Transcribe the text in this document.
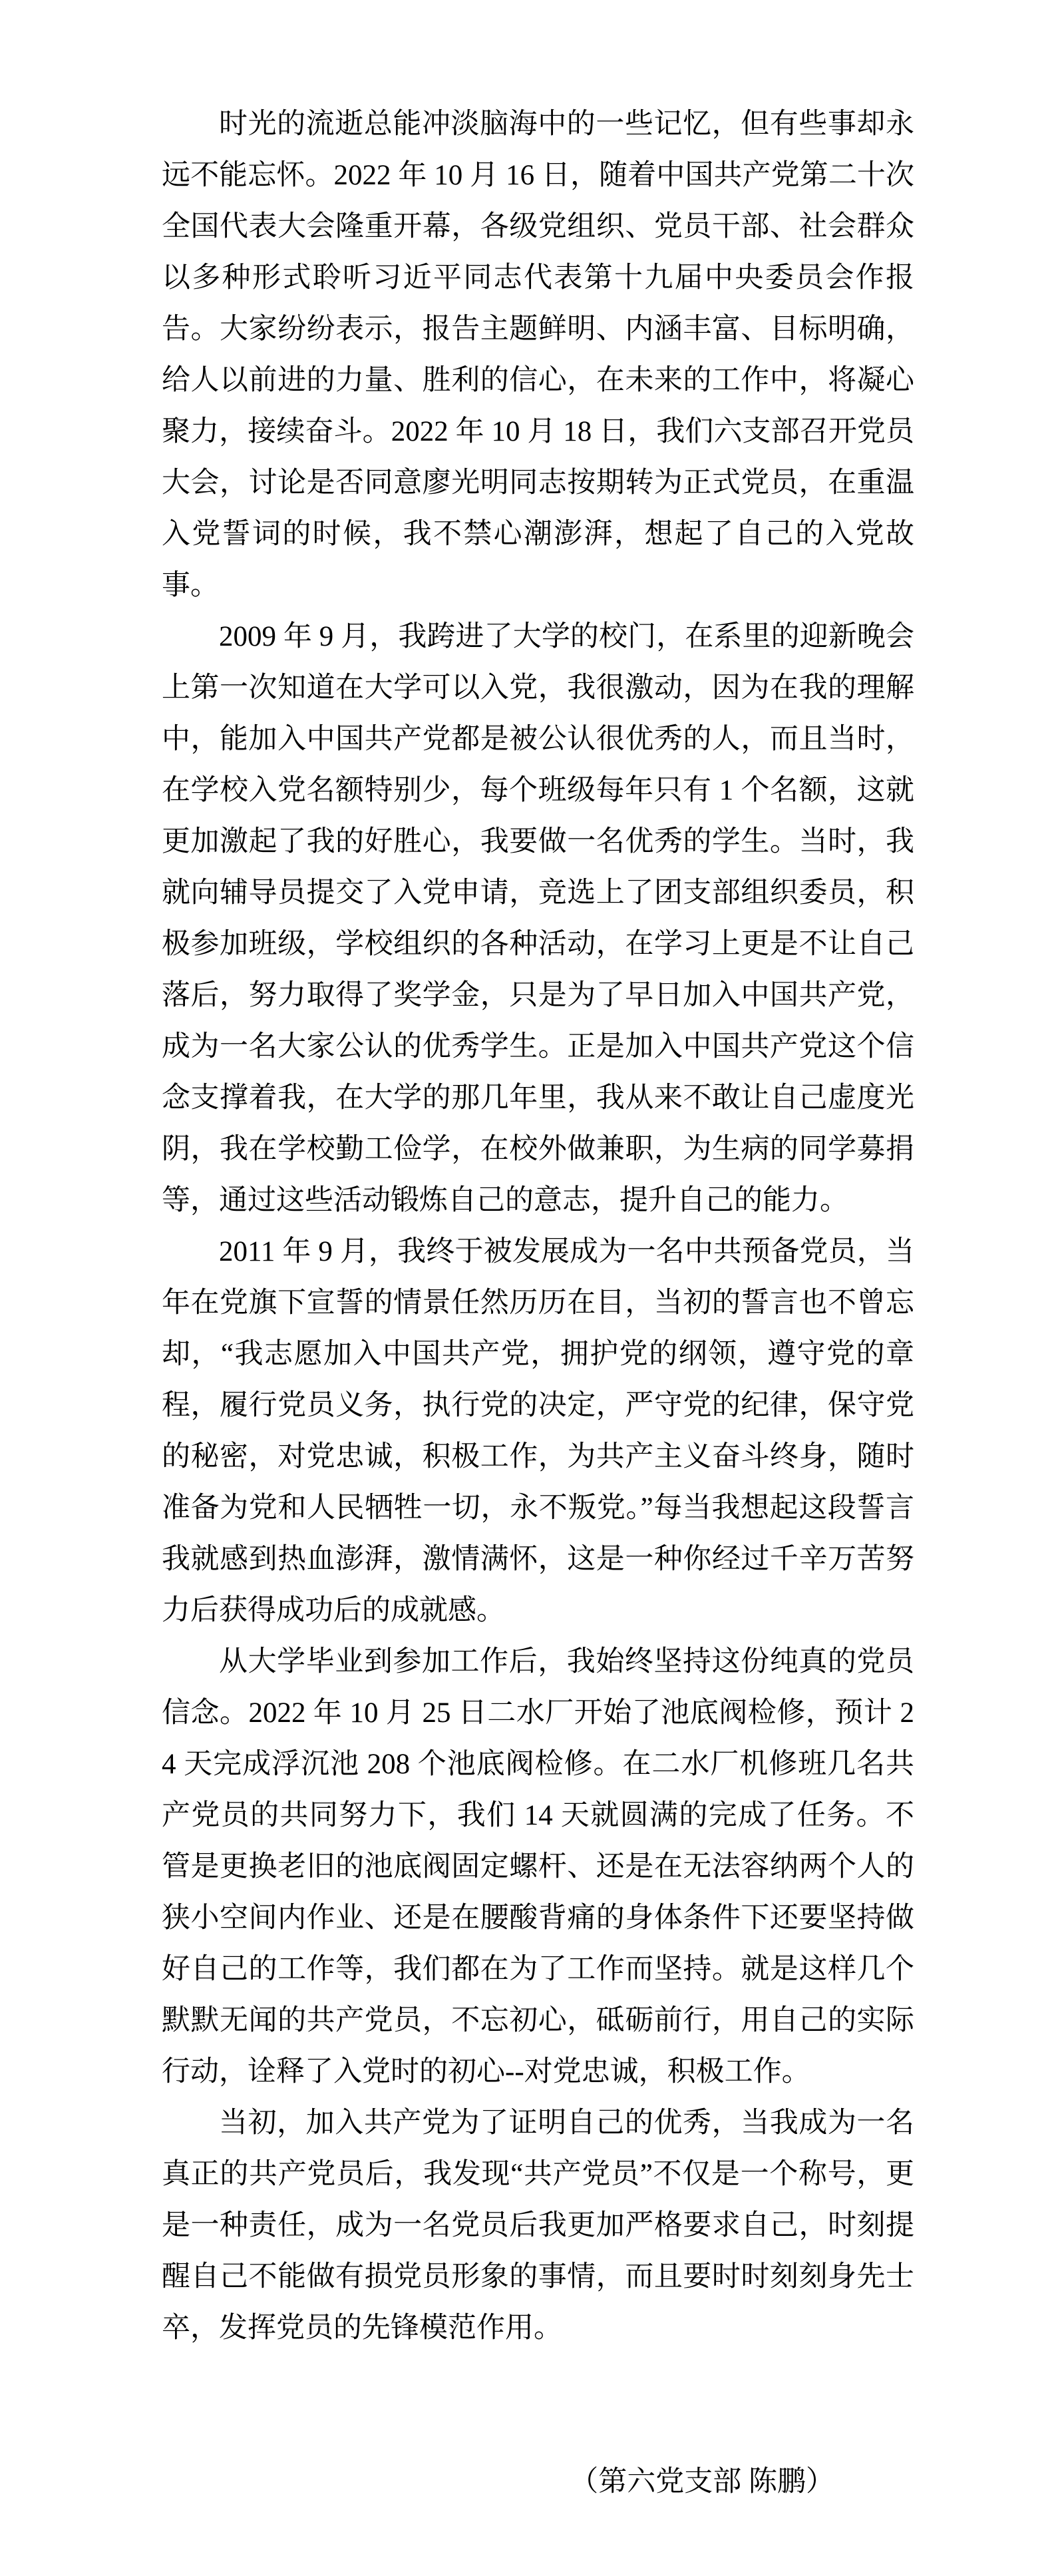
时光的流逝总能冲淡脑海中的一些记忆，但有些事却永远不能忘怀。2022 年 10 月 16 日，随着中国共产党第二十次全国代表大会隆重开幕，各级党组织、党员干部、社会群众以多种形式聆听习近平同志代表第十九届中央委员会作报告。大家纷纷表示，报告主题鲜明、内涵丰富、目标明确，给人以前进的力量、胜利的信心，在未来的工作中，将凝心聚力，接续奋斗。2022 年 10 月 18 日，我们六支部召开党员大会，讨论是否同意廖光明同志按期转为正式党员，在重温入党誓词的时候，我不禁心潮澎湃，想起了自己的入党故事。

2009 年 9 月，我跨进了大学的校门，在系里的迎新晚会上第一次知道在大学可以入党，我很激动，因为在我的理解中，能加入中国共产党都是被公认很优秀的人，而且当时，在学校入党名额特别少，每个班级每年只有 1 个名额，这就更加激起了我的好胜心，我要做一名优秀的学生。当时，我就向辅导员提交了入党申请，竞选上了团支部组织委员，积极参加班级，学校组织的各种活动，在学习上更是不让自己落后，努力取得了奖学金，只是为了早日加入中国共产党，成为一名大家公认的优秀学生。正是加入中国共产党这个信念支撑着我，在大学的那几年里，我从来不敢让自己虚度光阴，我在学校勤工俭学，在校外做兼职，为生病的同学募捐等，通过这些活动锻炼自己的意志，提升自己的能力。

2011 年 9 月，我终于被发展成为一名中共预备党员，当年在党旗下宣誓的情景任然历历在目，当初的誓言也不曾忘却，“我志愿加入中国共产党，拥护党的纲领，遵守党的章程，履行党员义务，执行党的决定，严守党的纪律，保守党的秘密，对党忠诚，积极工作，为共产主义奋斗终身，随时准备为党和人民牺牲一切，永不叛党。”每当我想起这段誓言我就感到热血澎湃，激情满怀，这是一种你经过千辛万苦努力后获得成功后的成就感。

从大学毕业到参加工作后，我始终坚持这份纯真的党员信念。2022 年 10 月 25 日二水厂开始了池底阀检修，预计 24 天完成浮沉池 208 个池底阀检修。在二水厂机修班几名共产党员的共同努力下，我们 14 天就圆满的完成了任务。不管是更换老旧的池底阀固定螺杆、还是在无法容纳两个人的狭小空间内作业、还是在腰酸背痛的身体条件下还要坚持做好自己的工作等，我们都在为了工作而坚持。就是这样几个默默无闻的共产党员，不忘初心，砥砺前行，用自己的实际行动，诠释了入党时的初心--对党忠诚，积极工作。

当初，加入共产党为了证明自己的优秀，当我成为一名真正的共产党员后，我发现“共产党员”不仅是一个称号，更是一种责任，成为一名党员后我更加严格要求自己，时刻提醒自己不能做有损党员形象的事情，而且要时时刻刻身先士卒，发挥党员的先锋模范作用。

（第六党支部 陈鹏）
